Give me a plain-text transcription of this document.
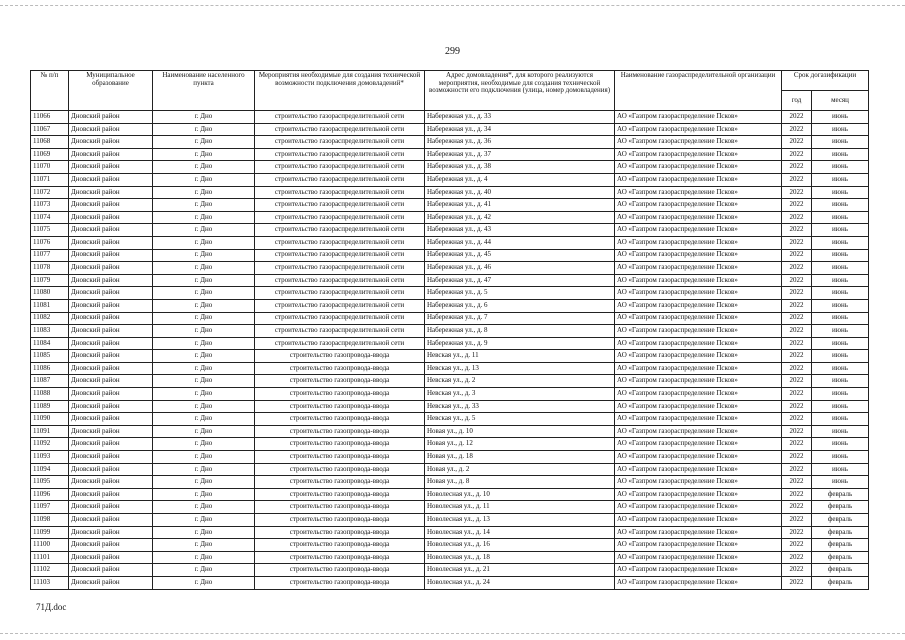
299
№ п/п	Муниципальное образование	Наименование населенного пункта	Мероприятия необходимые для создания технической возможности подключения домовладений*	Адрес домовладения*, для которого реализуются мероприятия, необходимые для создания технической возможности его подключения (улица, номер домовладения)	Наименование газораспределительной организации	Срок догазификации	
						год	месяц
11066	Дновский район	г. Дно	строительство газораспределительной сети	Набережная ул., д. 33	АО «Газпром газораспределение Псков»	2022	июнь
11067	Дновский район	г. Дно	строительство газораспределительной сети	Набережная ул., д. 34	АО «Газпром газораспределение Псков»	2022	июнь
11068	Дновский район	г. Дно	строительство газораспределительной сети	Набережная ул., д. 36	АО «Газпром газораспределение Псков»	2022	июнь
11069	Дновский район	г. Дно	строительство газораспределительной сети	Набережная ул., д. 37	АО «Газпром газораспределение Псков»	2022	июнь
11070	Дновский район	г. Дно	строительство газораспределительной сети	Набережная ул., д. 38	АО «Газпром газораспределение Псков»	2022	июнь
11071	Дновский район	г. Дно	строительство газораспределительной сети	Набережная ул., д. 4	АО «Газпром газораспределение Псков»	2022	июнь
11072	Дновский район	г. Дно	строительство газораспределительной сети	Набережная ул., д. 40	АО «Газпром газораспределение Псков»	2022	июнь
11073	Дновский район	г. Дно	строительство газораспределительной сети	Набережная ул., д. 41	АО «Газпром газораспределение Псков»	2022	июнь
11074	Дновский район	г. Дно	строительство газораспределительной сети	Набережная ул., д. 42	АО «Газпром газораспределение Псков»	2022	июнь
11075	Дновский район	г. Дно	строительство газораспределительной сети	Набережная ул., д. 43	АО «Газпром газораспределение Псков»	2022	июнь
11076	Дновский район	г. Дно	строительство газораспределительной сети	Набережная ул., д. 44	АО «Газпром газораспределение Псков»	2022	июнь
11077	Дновский район	г. Дно	строительство газораспределительной сети	Набережная ул., д. 45	АО «Газпром газораспределение Псков»	2022	июнь
11078	Дновский район	г. Дно	строительство газораспределительной сети	Набережная ул., д. 46	АО «Газпром газораспределение Псков»	2022	июнь
11079	Дновский район	г. Дно	строительство газораспределительной сети	Набережная ул., д. 47	АО «Газпром газораспределение Псков»	2022	июнь
11080	Дновский район	г. Дно	строительство газораспределительной сети	Набережная ул., д. 5	АО «Газпром газораспределение Псков»	2022	июнь
11081	Дновский район	г. Дно	строительство газораспределительной сети	Набережная ул., д. 6	АО «Газпром газораспределение Псков»	2022	июнь
11082	Дновский район	г. Дно	строительство газораспределительной сети	Набережная ул., д. 7	АО «Газпром газораспределение Псков»	2022	июнь
11083	Дновский район	г. Дно	строительство газораспределительной сети	Набережная ул., д. 8	АО «Газпром газораспределение Псков»	2022	июнь
11084	Дновский район	г. Дно	строительство газораспределительной сети	Набережная ул., д. 9	АО «Газпром газораспределение Псков»	2022	июнь
11085	Дновский район	г. Дно	строительство газопровода-ввода	Невская ул., д. 11	АО «Газпром газораспределение Псков»	2022	июнь
11086	Дновский район	г. Дно	строительство газопровода-ввода	Невская ул., д. 13	АО «Газпром газораспределение Псков»	2022	июнь
11087	Дновский район	г. Дно	строительство газопровода-ввода	Невская ул., д. 2	АО «Газпром газораспределение Псков»	2022	июнь
11088	Дновский район	г. Дно	строительство газопровода-ввода	Невская ул., д. 3	АО «Газпром газораспределение Псков»	2022	июнь
11089	Дновский район	г. Дно	строительство газопровода-ввода	Невская ул., д. 33	АО «Газпром газораспределение Псков»	2022	июнь
11090	Дновский район	г. Дно	строительство газопровода-ввода	Невская ул., д. 5	АО «Газпром газораспределение Псков»	2022	июнь
11091	Дновский район	г. Дно	строительство газопровода-ввода	Новая ул., д. 10	АО «Газпром газораспределение Псков»	2022	июнь
11092	Дновский район	г. Дно	строительство газопровода-ввода	Новая ул., д. 12	АО «Газпром газораспределение Псков»	2022	июнь
11093	Дновский район	г. Дно	строительство газопровода-ввода	Новая ул., д. 18	АО «Газпром газораспределение Псков»	2022	июнь
11094	Дновский район	г. Дно	строительство газопровода-ввода	Новая ул., д. 2	АО «Газпром газораспределение Псков»	2022	июнь
11095	Дновский район	г. Дно	строительство газопровода-ввода	Новая ул., д. 8	АО «Газпром газораспределение Псков»	2022	июнь
11096	Дновский район	г. Дно	строительство газопровода-ввода	Новолесная ул., д. 10	АО «Газпром газораспределение Псков»	2022	февраль
11097	Дновский район	г. Дно	строительство газопровода-ввода	Новолесная ул., д. 11	АО «Газпром газораспределение Псков»	2022	февраль
11098	Дновский район	г. Дно	строительство газопровода-ввода	Новолесная ул., д. 13	АО «Газпром газораспределение Псков»	2022	февраль
11099	Дновский район	г. Дно	строительство газопровода-ввода	Новолесная ул., д. 14	АО «Газпром газораспределение Псков»	2022	февраль
11100	Дновский район	г. Дно	строительство газопровода-ввода	Новолесная ул., д. 16	АО «Газпром газораспределение Псков»	2022	февраль
11101	Дновский район	г. Дно	строительство газопровода-ввода	Новолесная ул., д. 18	АО «Газпром газораспределение Псков»	2022	февраль
11102	Дновский район	г. Дно	строительство газопровода-ввода	Новолесная ул., д. 21	АО «Газпром газораспределение Псков»	2022	февраль
11103	Дновский район	г. Дно	строительство газопровода-ввода	Новолесная ул., д. 24	АО «Газпром газораспределение Псков»	2022	февраль
71Д.doc
